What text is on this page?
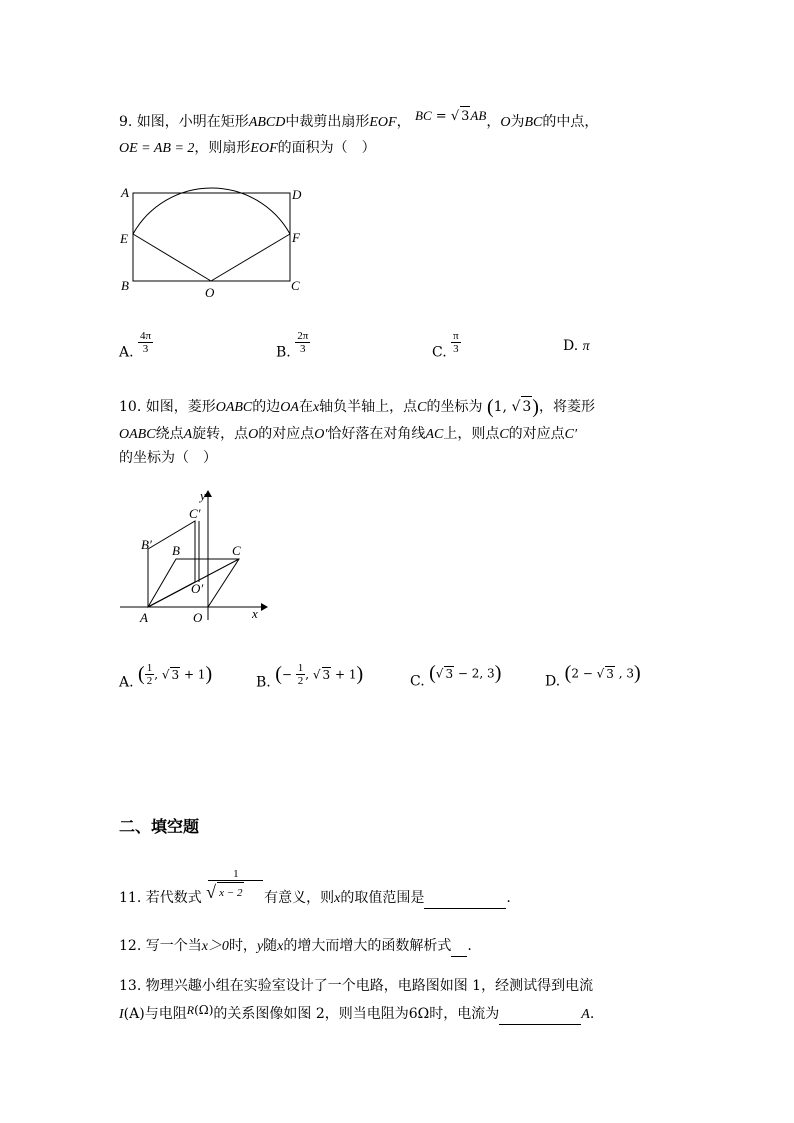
9. 如图，小明在矩形ABCD中裁剪出扇形EOF， BC = √ 3AB，O为BC的中点，
OE = AB = 2，则扇形EOF的面积为（　）
A	D
E	F
B	O	C
A. $\frac{4\pi}{3}$	B. $\frac{2\pi}{3}$	C. $\frac{\pi}{3}$	D. π
10. 如图，菱形OABC的边OA在x轴负半轴上，点C的坐标为 (1, √ 3)，将菱形
OABC绕点A旋转，点O的对应点O′恰好落在对角线AC上，则点C的对应点C′
的坐标为（　）
y
C′
B′ B	C
O′
A	O	x
A. ( $\frac{1}{2}$ , √ 3 + 1)	B. (− $\frac{1}{2}$ , √ 3 + 1)	C. (√ 3 − 2, 3)	D. (2 − √ 3 , 3)
二、填空题
11. 若代数式
1
√ x − 2 有意义，则x的取值范围是	.
12. 写一个当x＞0时，y随x的增大而增大的函数解析式 .
13. 物理兴趣小组在实验室设计了一个电路，电路图如图 1，经测试得到电流
I(A)与电阻R(Ω)的关系图像如图 2，则当电阻为6Ω时，电流为	A.
